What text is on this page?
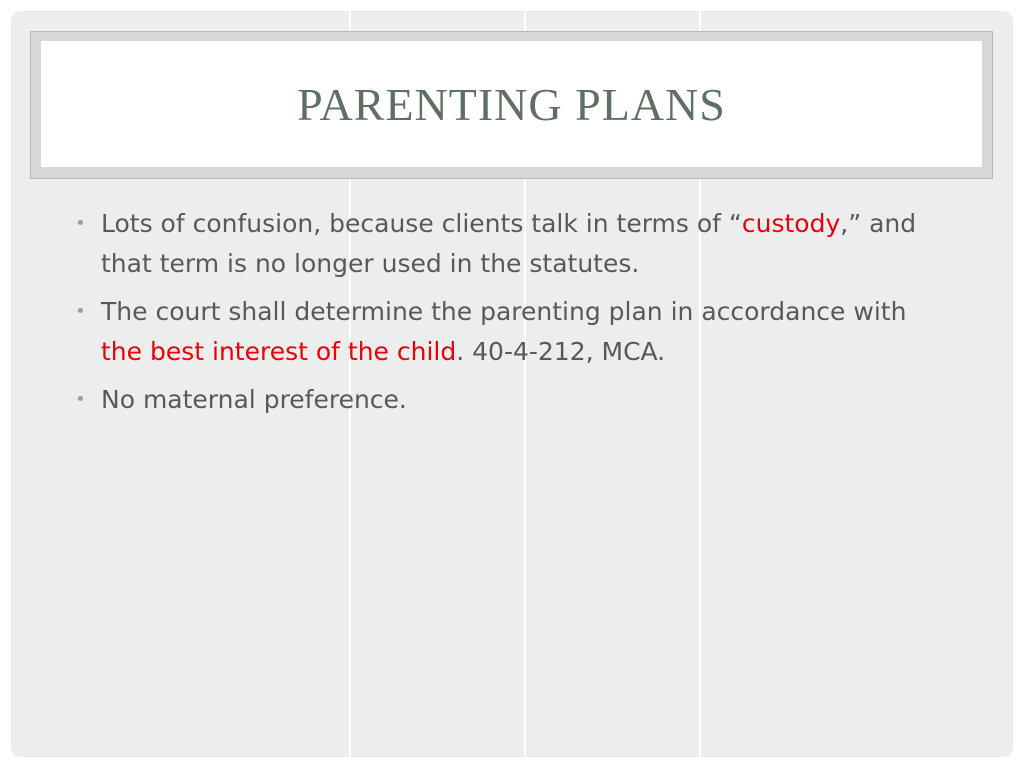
PARENTING PLANS
• Lots of confusion, because clients talk in terms of “custody,” and that term is no longer used in the statutes.
• The court shall determine the parenting plan in accordance with the best interest of the child. 40-4-212, MCA.
• No maternal preference.
